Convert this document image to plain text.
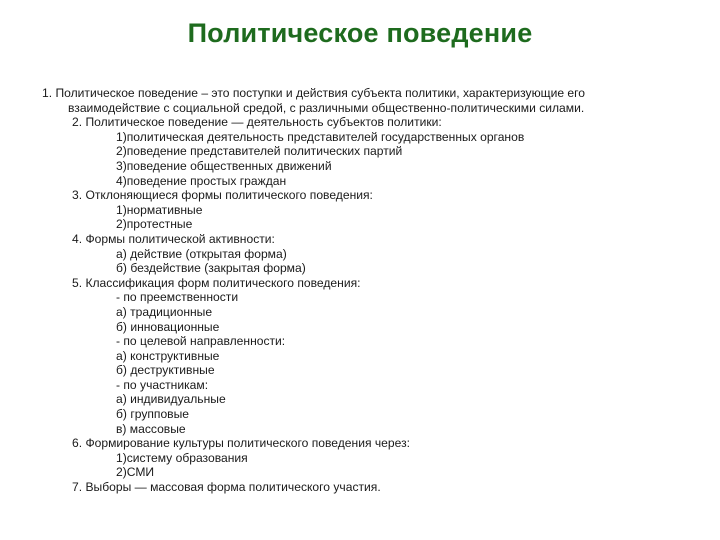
Политическое поведение
1. Политическое поведение – это поступки и действия субъекта политики, характеризующие его
взаимодействие с социальной средой, с различными общественно-политическими силами.
2. Политическое поведение — деятельность субъектов политики:
1)политическая деятельность представителей государственных органов
2)поведение представителей политических партий
3)поведение общественных движений
4)поведение простых граждан
3. Отклоняющиеся формы политического поведения:
1)нормативные
2)протестные
4. Формы политической активности:
а) действие (открытая форма)
б) бездействие (закрытая форма)
5. Классификация форм политического поведения:
- по преемственности
а) традиционные
б) инновационные
- по целевой направленности:
а) конструктивные
б) деструктивные
- по участникам:
а) индивидуальные
б) групповые
в) массовые
6. Формирование культуры политического поведения через:
1)систему образования
2)СМИ
7. Выборы — массовая форма политического участия.
